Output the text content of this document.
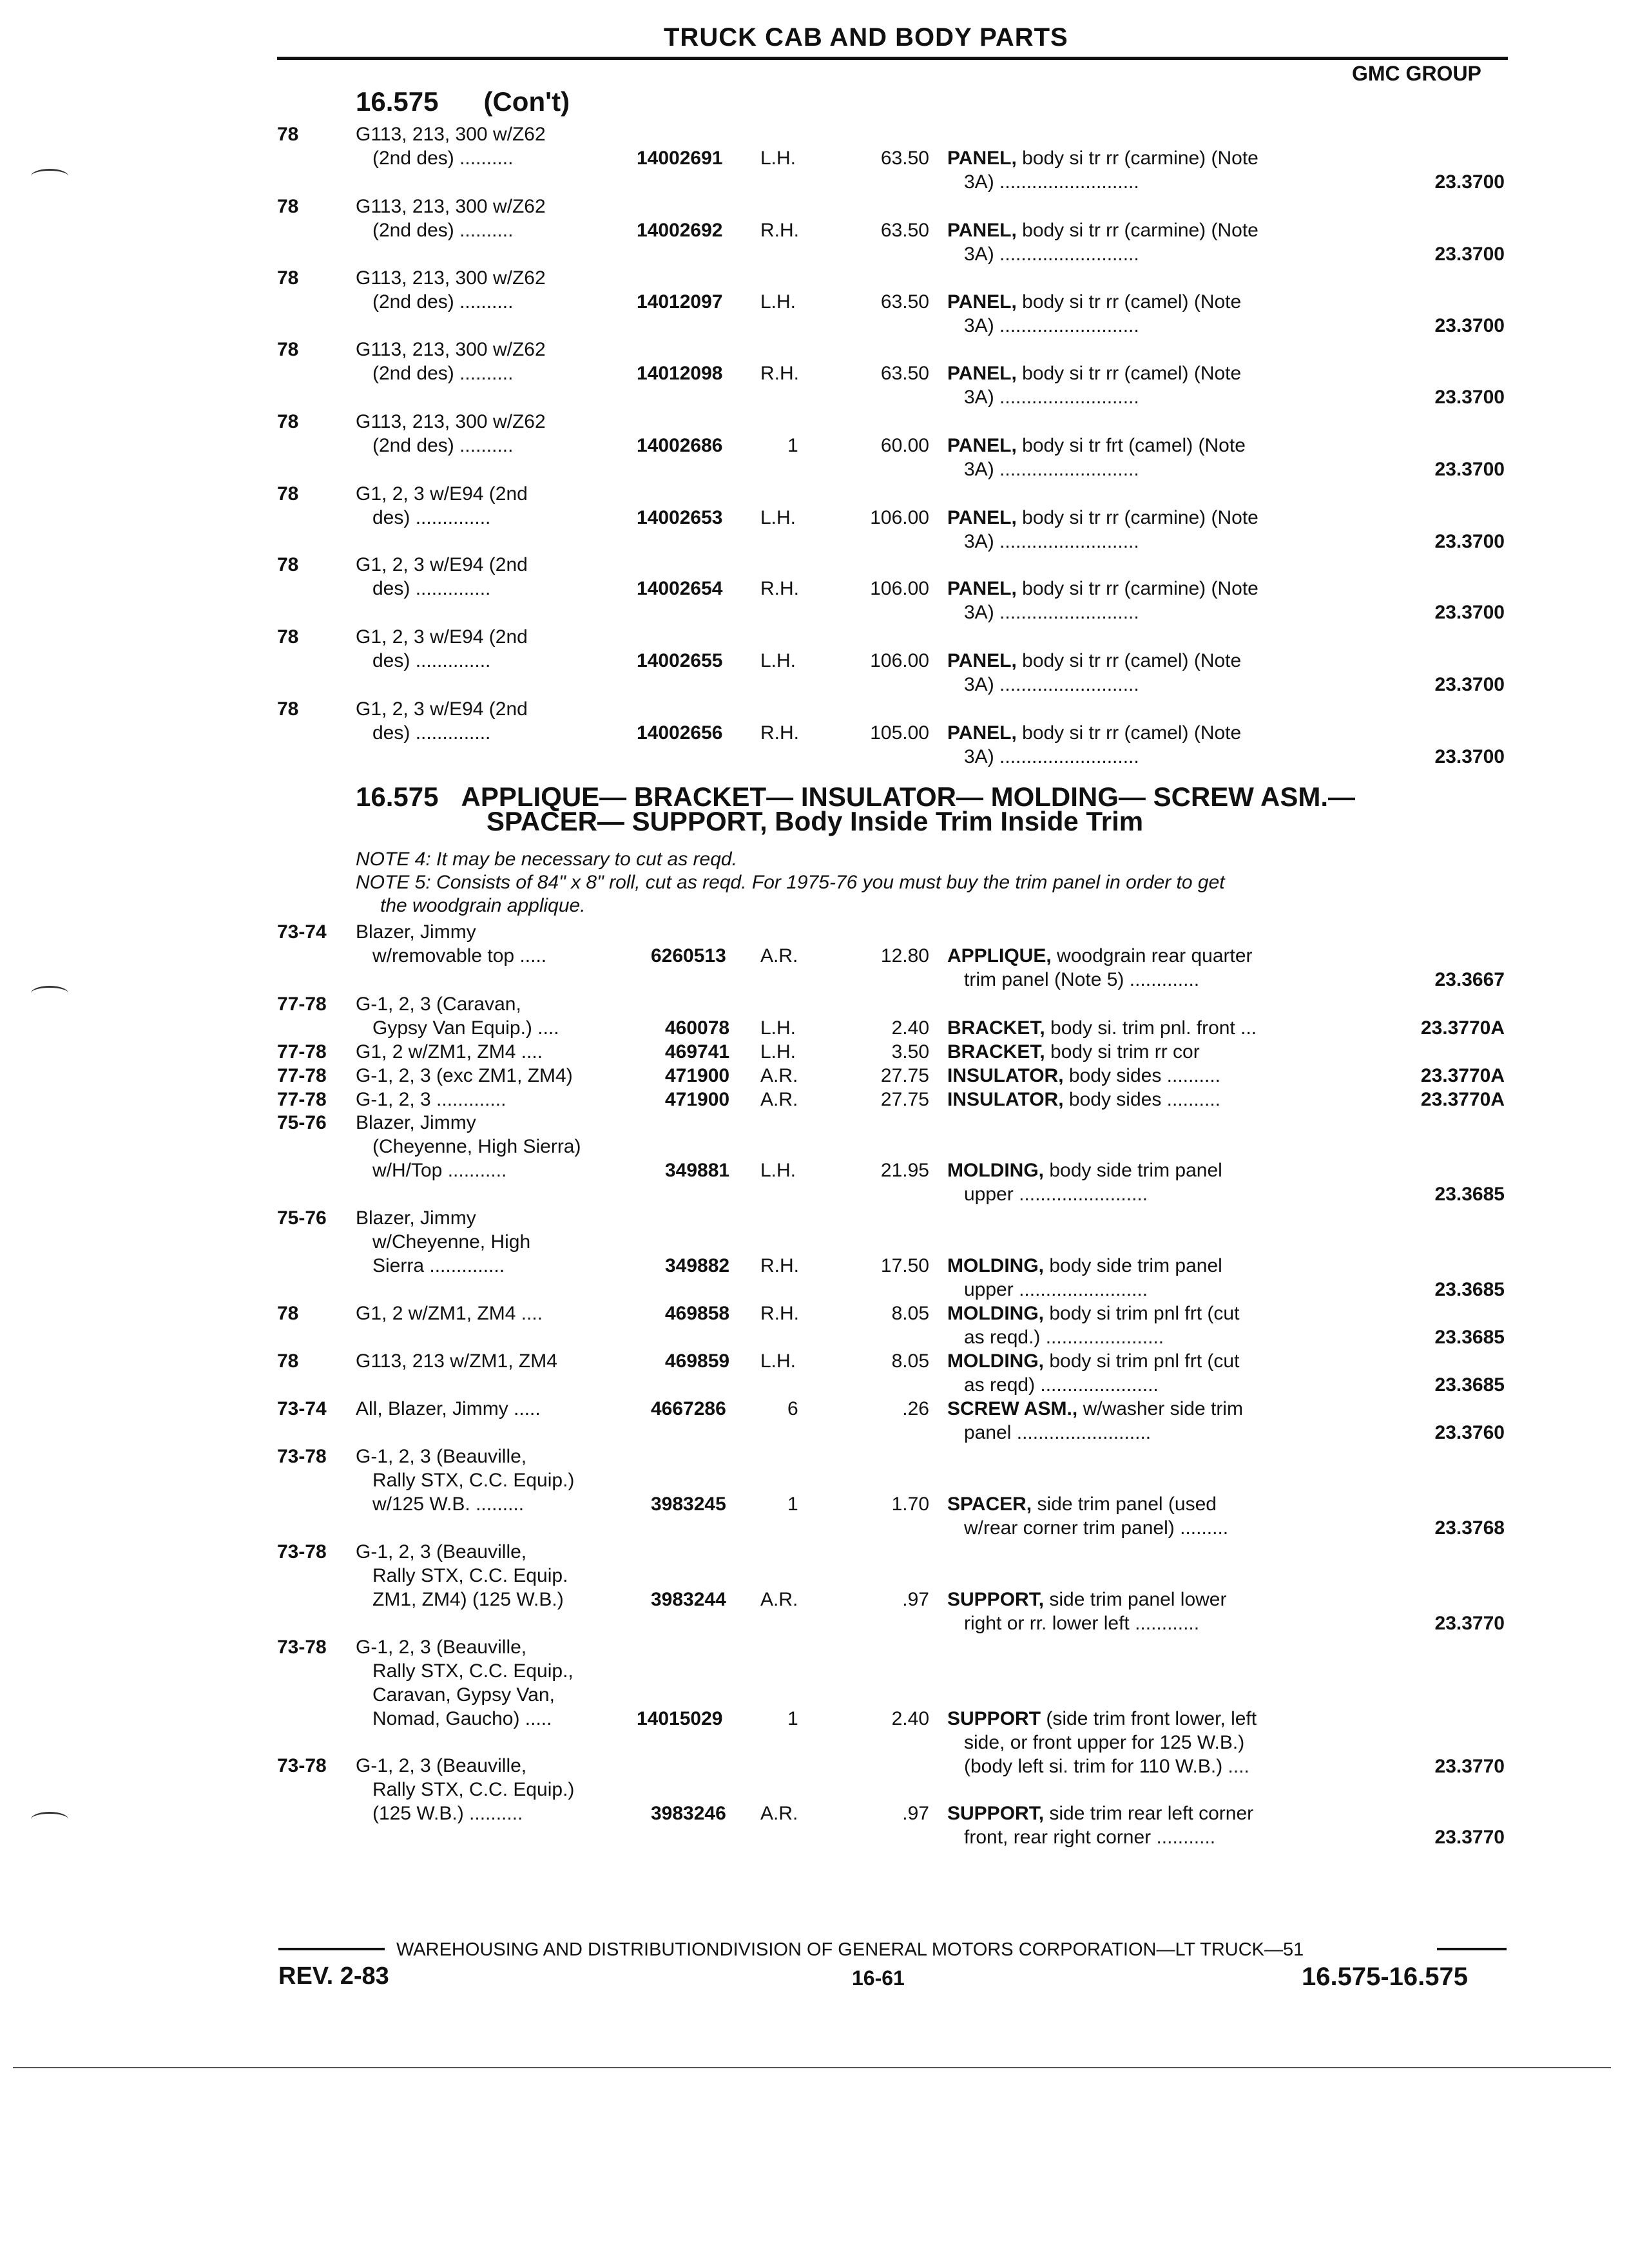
TRUCK CAB AND BODY PARTS
GMC GROUP
16.575 (Con't)
78	G113, 213, 300 w/Z62
(2nd des) ..........	14002691 L.H.	63.50 PANEL, body si tr rr (carmine) (Note
3A) ..........................	23.3700
78	G113, 213, 300 w/Z62
(2nd des) ..........	14002692 R.H.	63.50 PANEL, body si tr rr (carmine) (Note
3A) ..........................	23.3700
78	G113, 213, 300 w/Z62
(2nd des) ..........	14012097 L.H.	63.50 PANEL, body si tr rr (camel) (Note
3A) ..........................	23.3700
78	G113, 213, 300 w/Z62
(2nd des) ..........	14012098 R.H.	63.50 PANEL, body si tr rr (camel) (Note
3A) ..........................	23.3700
78	G113, 213, 300 w/Z62
(2nd des) ..........	14002686	1	60.00 PANEL, body si tr frt (camel) (Note
3A) ..........................	23.3700
78	G1, 2, 3 w/E94 (2nd
des) ..............	14002653 L.H.	106.00 PANEL, body si tr rr (carmine) (Note
3A) ..........................	23.3700
78	G1, 2, 3 w/E94 (2nd
des) ..............	14002654 R.H.	106.00 PANEL, body si tr rr (carmine) (Note
3A) ..........................	23.3700
78	G1, 2, 3 w/E94 (2nd
des) ..............	14002655 L.H.	106.00 PANEL, body si tr rr (camel) (Note
3A) ..........................	23.3700
78	G1, 2, 3 w/E94 (2nd
des) ..............	14002656 R.H.	105.00 PANEL, body si tr rr (camel) (Note
3A) ..........................	23.3700
16.575 APPLIQUE— BRACKET— INSULATOR— MOLDING— SCREW ASM.—
SPACER— SUPPORT, Body Inside Trim Inside Trim
NOTE 4: It may be necessary to cut as reqd.
NOTE 5: Consists of 84" x 8" roll, cut as reqd. For 1975-76 you must buy the trim panel in order to get
the woodgrain applique.
73-74 Blazer, Jimmy
w/removable top .....	6260513 A.R.	12.80 APPLIQUE, woodgrain rear quarter
trim panel (Note 5) .............	23.3667
77-78 G-1, 2, 3 (Caravan,
Gypsy Van Equip.) ....	460078 L.H.	2.40 BRACKET, body si. trim pnl. front ...	23.3770A
77-78 G1, 2 w/ZM1, ZM4 ....	469741 L.H.	3.50 BRACKET, body si trim rr cor
77-78 G-1, 2, 3 (exc ZM1, ZM4)	471900 A.R.	27.75 INSULATOR, body sides ..........	23.3770A
77-78 G-1, 2, 3 .............	471900 A.R.	27.75 INSULATOR, body sides ..........	23.3770A
75-76 Blazer, Jimmy
(Cheyenne, High Sierra)
w/H/Top ...........	349881 L.H.	21.95 MOLDING, body side trim panel
upper ........................	23.3685
75-76 Blazer, Jimmy
w/Cheyenne, High
Sierra ..............	349882 R.H.	17.50 MOLDING, body side trim panel
upper ........................	23.3685
78	G1, 2 w/ZM1, ZM4 ....	469858 R.H.	8.05 MOLDING, body si trim pnl frt (cut
as reqd.) ......................	23.3685
78	G113, 213 w/ZM1, ZM4	469859 L.H.	8.05 MOLDING, body si trim pnl frt (cut
as reqd) ......................	23.3685
73-74 All, Blazer, Jimmy .....	4667286	6	.26 SCREW ASM., w/washer side trim
panel .........................	23.3760
73-78 G-1, 2, 3 (Beauville,
Rally STX, C.C. Equip.)
w/125 W.B. .........	3983245	1	1.70 SPACER, side trim panel (used
w/rear corner trim panel) .........	23.3768
73-78 G-1, 2, 3 (Beauville,
Rally STX, C.C. Equip.
ZM1, ZM4) (125 W.B.)	3983244 A.R.	.97 SUPPORT, side trim panel lower
right or rr. lower left ............	23.3770
73-78 G-1, 2, 3 (Beauville,
Rally STX, C.C. Equip.,
Caravan, Gypsy Van,
Nomad, Gaucho) .....	14015029	1	2.40 SUPPORT (side trim front lower, left
side, or front upper for 125 W.B.)
(body left si. trim for 110 W.B.) ....	23.3770
73-78 G-1, 2, 3 (Beauville,
Rally STX, C.C. Equip.)
(125 W.B.) ..........	3983246 A.R.	.97 SUPPORT, side trim rear left corner
front, rear right corner ...........	23.3770
WAREHOUSING AND DISTRIBUTIONDIVISION OF GENERAL MOTORS CORPORATION—LT TRUCK—51
REV. 2-83	16-61	16.575-16.575
